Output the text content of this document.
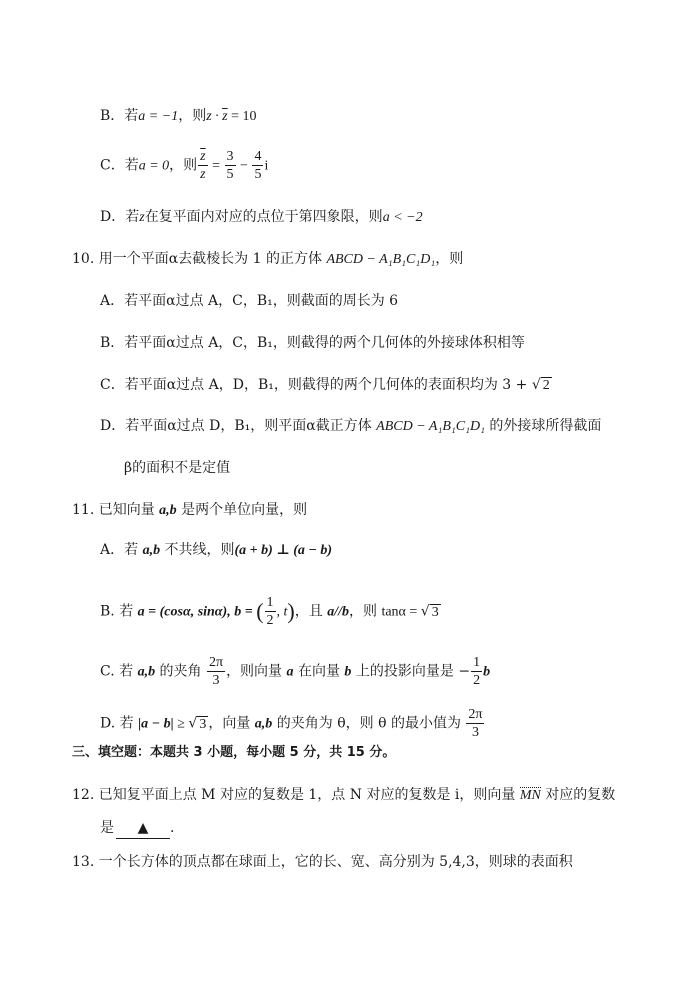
B．若a = −1，则$z \cdot \overline{z} = 10$
C．若a = 0，则 $\frac{\overline{z}}{z} = \frac{3}{5} - \frac{4}{5}$ i
D．若z在复平面内对应的点位于第四象限，则a < −2
10. 用一个平面α去截棱长为 1 的正方体 ABCD − A₁B₁C₁D₁，则
A．若平面α过点 A，C，B₁，则截面的周长为 6
B．若平面α过点 A，C，B₁，则截得的两个几何体的外接球体积相等
C．若平面α过点 A，D，B₁，则截得的两个几何体的表面积均为 3 + √ 2
D．若平面α过点 D，B₁，则平面α截正方体 ABCD − A₁B₁C₁D₁ 的外接球所得截面
β的面积不是定值
11. 已知向量 a,b 是两个单位向量，则
A．若 a,b 不共线，则(a + b) ⊥ (a − b)
B. 若 a = (cosα, sinα), b = ( $\frac{1}{2}$ , t)，且 a//b，则 tanα = √ 3
C. 若 a,b 的夹角 $\frac{2\pi}{3}$ ，则向量 a 在向量 b 上的投影向量是 − $\frac{1}{2}$ b
D. 若 |a − b| ≥ √ 3 ，向量 a,b 的夹角为 θ，则 θ 的最小值为 $\frac{2\pi}{3}$
三、填空题：本题共 3 小题，每小题 5 分，共 15 分。
12. 已知复平面上点 M 对应的复数是 1，点 N 对应的复数是 i，则向量 MN 对应的复数
是 ▲ .
13. 一个长方体的顶点都在球面上，它的长、宽、高分别为 5,4,3，则球的表面积
